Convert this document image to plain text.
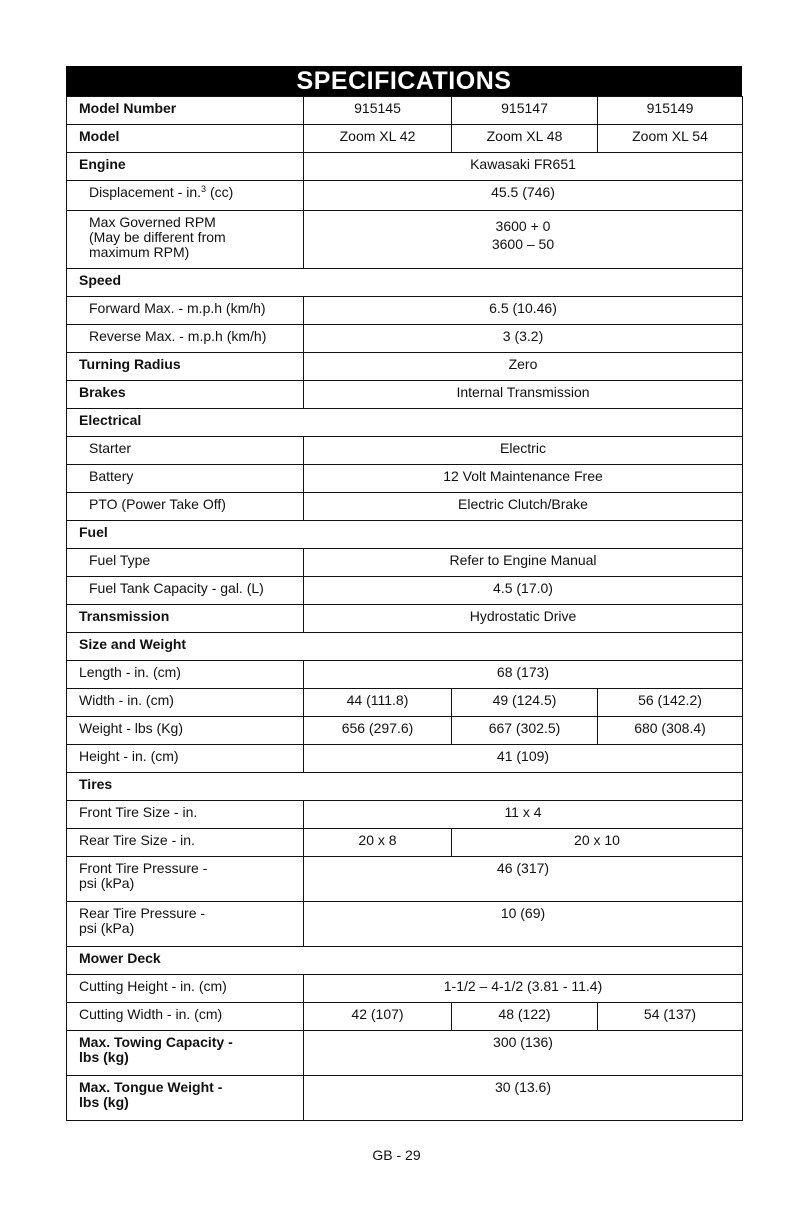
SPECIFICATIONS
Model Number	915145	915147	915149
Model	Zoom XL 42	Zoom XL 48	Zoom XL 54
Engine	Kawasaki FR651		
Displacement - in.$^3$ (cc)	45.5 (746)		

Max Governed RPM
(May be different from
maximum RPM)	3600 + 0
3600 – 50		

Speed			
Forward Max. - m.p.h (km/h)	6.5 (10.46)		
Reverse Max. - m.p.h (km/h)	3 (3.2)		
Turning Radius	Zero		
Brakes	Internal Transmission		
Electrical			
Starter	Electric		
Battery	12 Volt Maintenance Free		
PTO (Power Take Off)	Electric Clutch/Brake		
Fuel			
Fuel Type	Refer to Engine Manual		
Fuel Tank Capacity - gal. (L)	4.5 (17.0)		
Transmission	Hydrostatic Drive		
Size and Weight			
Length - in. (cm)	68 (173)		
Width - in. (cm)	44 (111.8)	49 (124.5)	56 (142.2)
Weight - lbs (Kg)	656 (297.6)	667 (302.5)	680 (308.4)
Height - in. (cm)	41 (109)		
Tires			
Front Tire Size - in.	11 x 4		
Rear Tire Size - in.	20 x 8	20 x 10	

Front Tire Pressure -
psi (kPa)	46 (317)		

Rear Tire Pressure -
psi (kPa)	10 (69)		
Mower Deck			
Cutting Height - in. (cm)	1-1/2 – 4-1/2 (3.81 - 11.4)		
Cutting Width - in. (cm)	42 (107)	48 (122)	54 (137)

Max. Towing Capacity -
lbs (kg)	300 (136)		

Max. Tongue Weight -
lbs (kg)	30 (13.6)		
GB - 29
